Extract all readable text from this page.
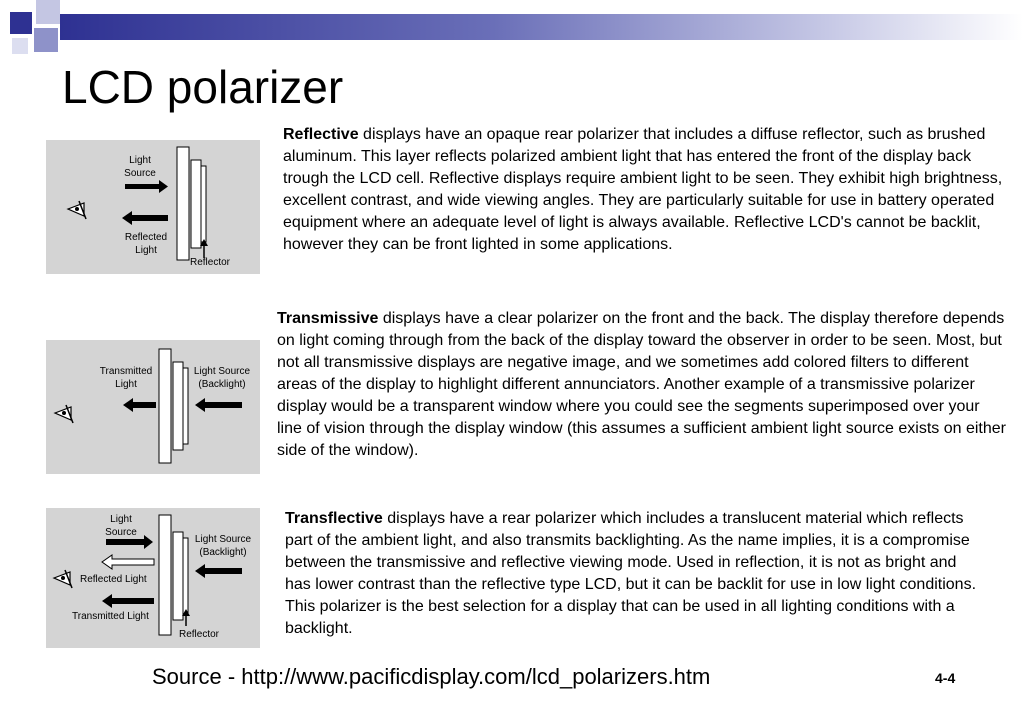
LCD polarizer
Light Source
Reflected Light
Reflector

Reflective displays have an opaque rear polarizer that includes a diffuse reflector, such as brushed aluminum. This layer reflects polarized ambient light that has entered the front of the display back trough the LCD cell. Reflective displays require ambient light to be seen. They exhibit high brightness, excellent contrast, and wide viewing angles. They are particularly suitable for use in battery operated equipment where an adequate level of light is always available. Reflective LCD's cannot be backlit, however they can be front lighted in some applications.

Transmitted Light
Light Source (Backlight)

Transmissive displays have a clear polarizer on the front and the back. The display therefore depends on light coming through from the back of the display toward the observer in order to be seen. Most, but not all transmissive displays are negative image, and we sometimes add colored filters to different areas of the display to highlight different annunciators. Another example of a transmissive polarizer display would be a transparent window where you could see the segments superimposed over your line of vision through the display window (this assumes a sufficient ambient light source exists on either side of the window).

Light Source
Light Source (Backlight)
Reflected Light
Transmitted Light
Reflector

Transflective displays have a rear polarizer which includes a translucent material which reflects part of the ambient light, and also transmits backlighting. As the name implies, it is a compromise between the transmissive and reflective viewing mode. Used in reflection, it is not as bright and has lower contrast than the reflective type LCD, but it can be backlit for use in low light conditions. This polarizer is the best selection for a display that can be used in all lighting conditions with a backlight.

Source - http://www.pacificdisplay.com/lcd_polarizers.htm	4-4
